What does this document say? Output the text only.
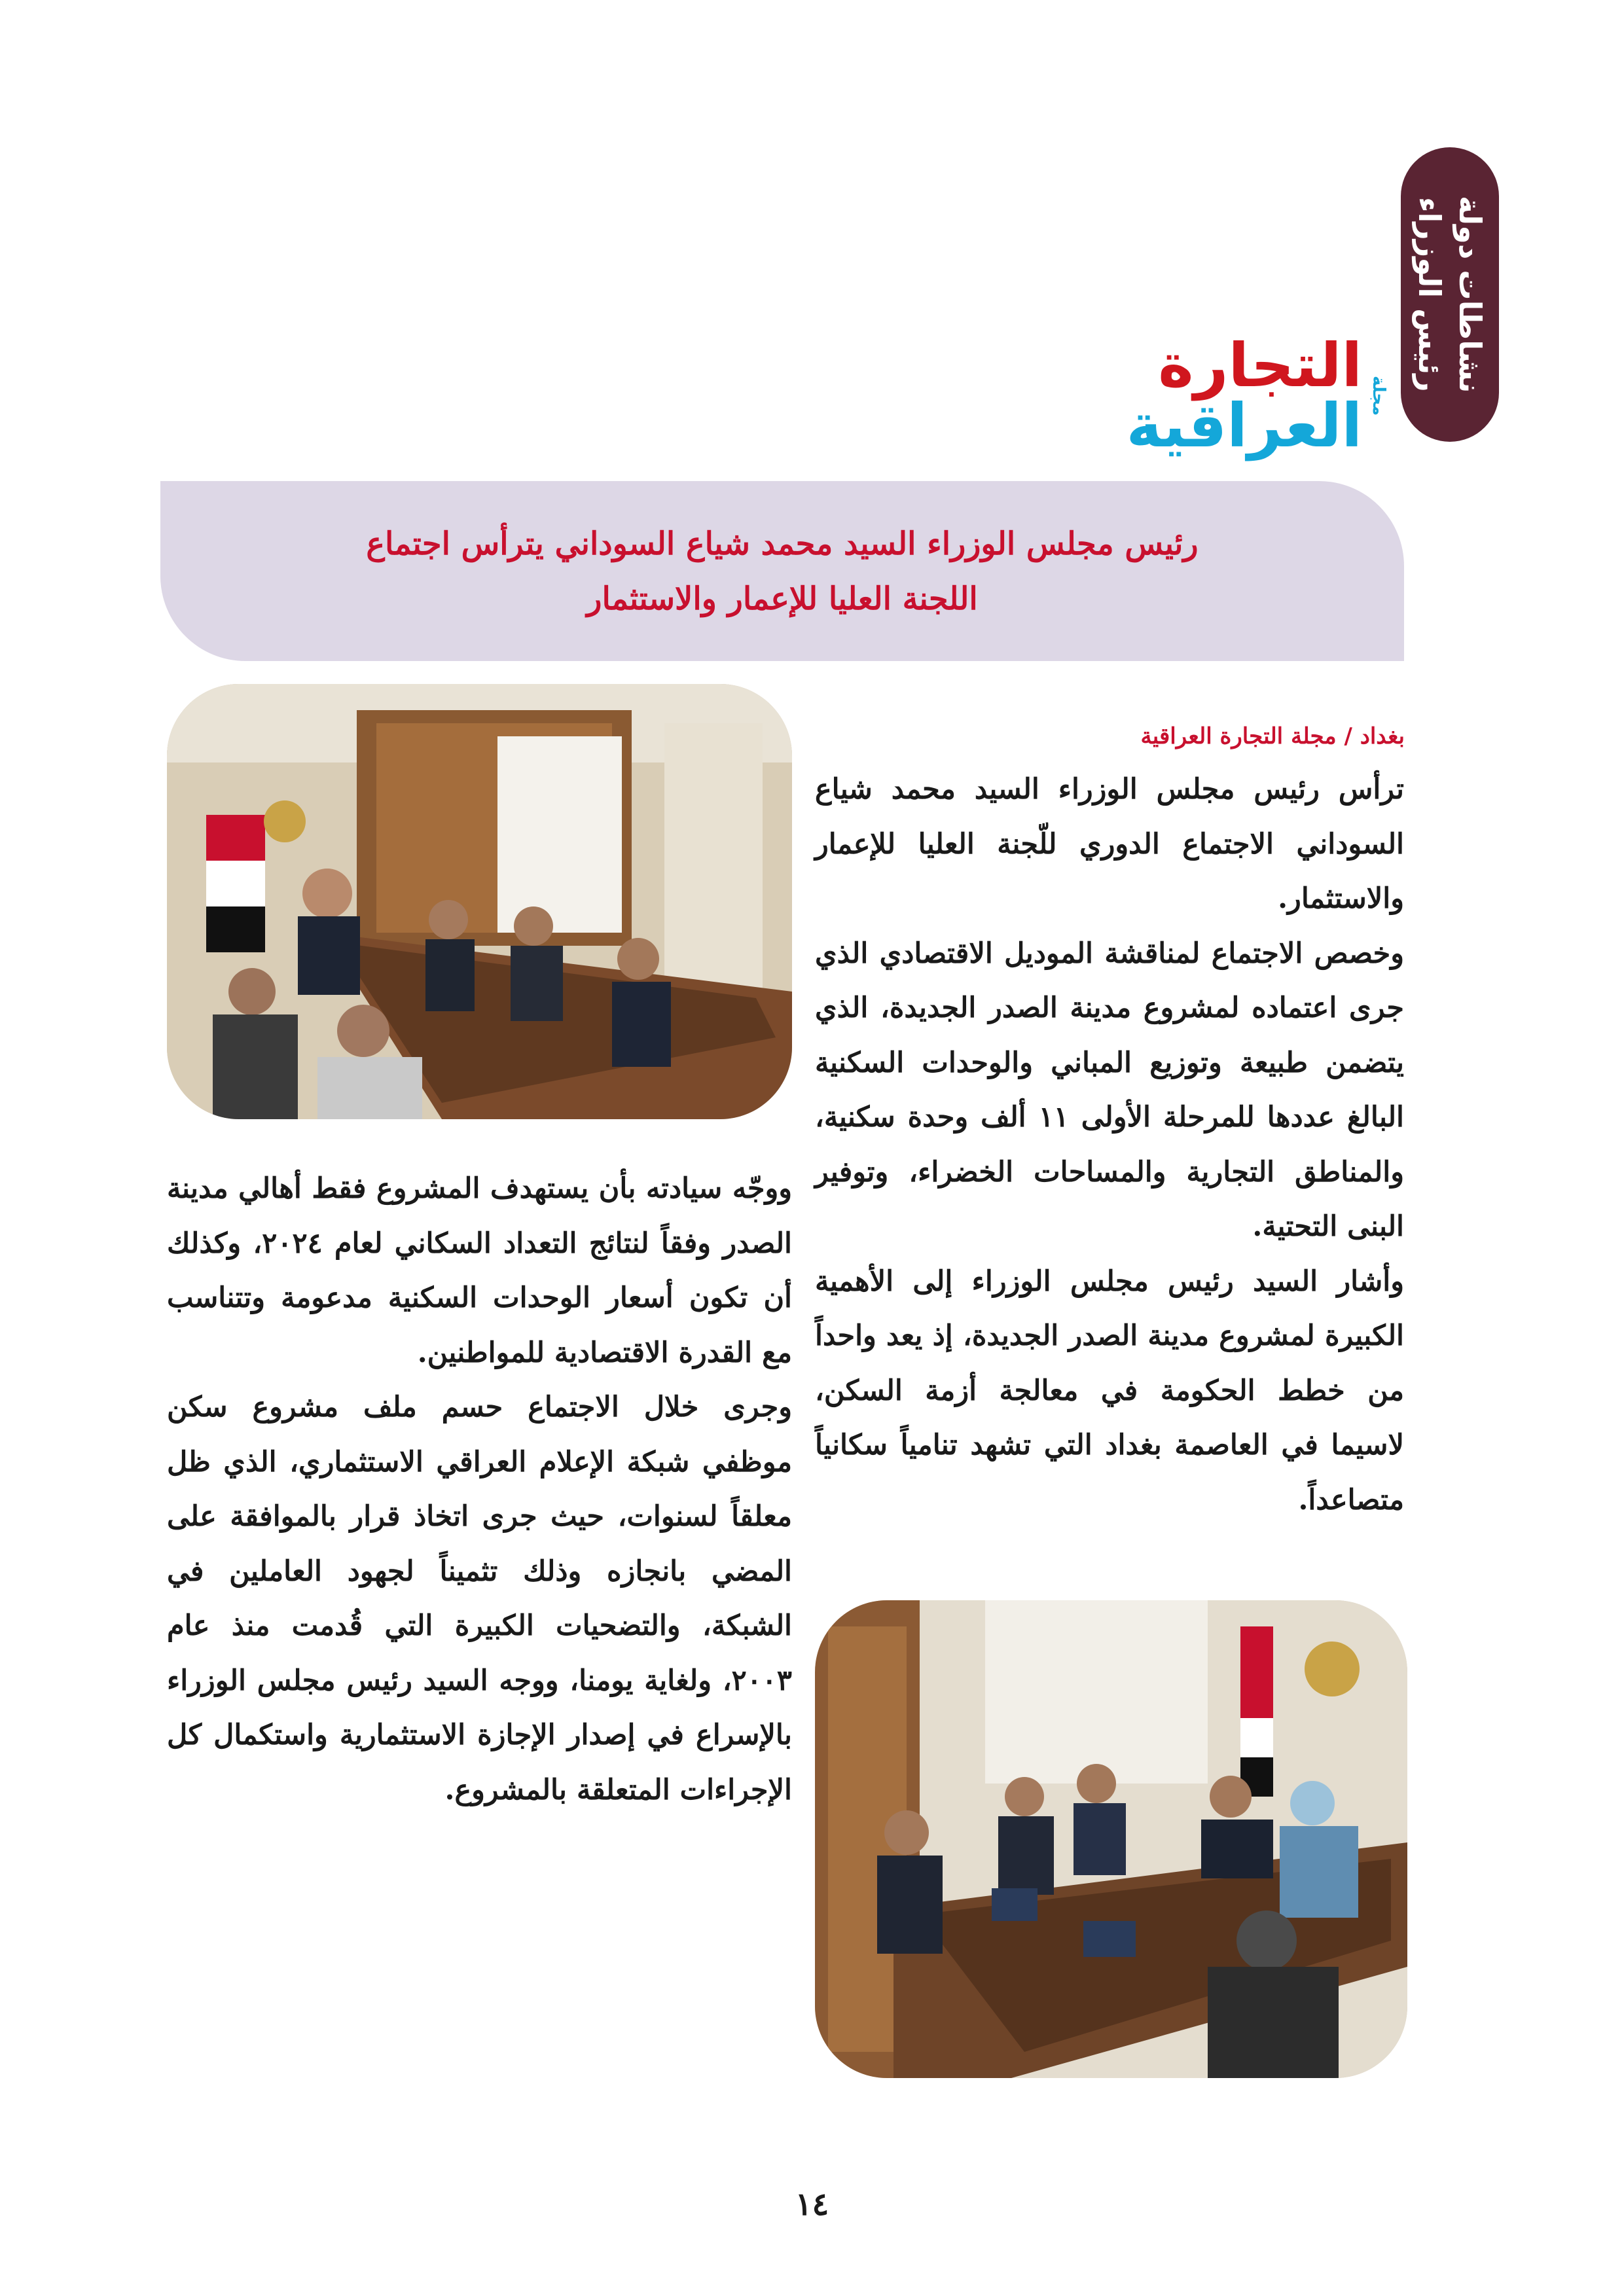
نشاطات دولة رئيس الوزراء
مجلة
التجارة العراقية
رئيس مجلس الوزراء السيد محمد شياع السوداني يترأس اجتماع
اللجنة العليا للإعمار والاستثمار
بغداد / مجلة التجارة العراقية

ترأس رئيس مجلس الوزراء السيد محمد شياع السوداني الاجتماع الدوري للّجنة العليا للإعمار والاستثمار.

وخصص الاجتماع لمناقشة الموديل الاقتصادي الذي جرى اعتماده لمشروع مدينة الصدر الجديدة، الذي يتضمن طبيعة وتوزيع المباني والوحدات السكنية البالغ عددها للمرحلة الأولى ١١ ألف وحدة سكنية، والمناطق التجارية والمساحات الخضراء، وتوفير البنى التحتية.

وأشار السيد رئيس مجلس الوزراء إلى الأهمية الكبيرة لمشروع مدينة الصدر الجديدة، إذ يعد واحداً من خطط الحكومة في معالجة أزمة السكن، لاسيما في العاصمة بغداد التي تشهد تنامياً سكانياً متصاعداً.

ووجّه سيادته بأن يستهدف المشروع فقط أهالي مدينة الصدر وفقاً لنتائج التعداد السكاني لعام ٢٠٢٤، وكذلك أن تكون أسعار الوحدات السكنية مدعومة وتتناسب مع القدرة الاقتصادية للمواطنين.

وجرى خلال الاجتماع حسم ملف مشروع سكن موظفي شبكة الإعلام العراقي الاستثماري، الذي ظل معلقاً لسنوات، حيث جرى اتخاذ قرار بالموافقة على المضي بانجازه وذلك تثميناً لجهود العاملين في الشبكة، والتضحيات الكبيرة التي قُدمت منذ عام ٢٠٠٣، ولغاية يومنا، ووجه السيد رئيس مجلس الوزراء بالإسراع في إصدار الإجازة الاستثمارية واستكمال كل الإجراءات المتعلقة بالمشروع.

١٤
